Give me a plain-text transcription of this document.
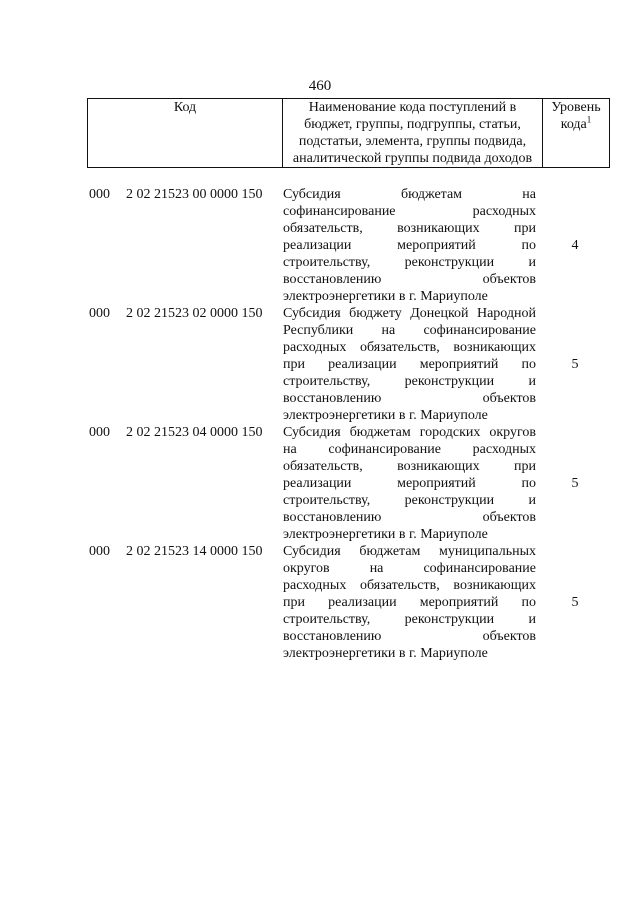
460
Код	Наименование кода поступлений в
бюджет, группы, подгруппы, статьи,
подстатьи, элемента, группы подвида,
аналитической группы подвида доходов	Уровень
кода$^1$
000 2 02 21523 00 0000 150 Субсидия бюджетам на
софинансирование расходных
обязательств, возникающих при
реализации мероприятий по
строительству, реконструкции и
восстановлению объектов
электроэнергетики в г. Мариуполе
4
000 2 02 21523 02 0000 150 Субсидия бюджету Донецкой Народной
Республики на софинансирование
расходных обязательств, возникающих
при реализации мероприятий по
строительству, реконструкции и
восстановлению объектов
электроэнергетики в г. Мариуполе
5
000 2 02 21523 04 0000 150 Субсидия бюджетам городских округов
на софинансирование расходных
обязательств, возникающих при
реализации мероприятий по
строительству, реконструкции и
восстановлению объектов
электроэнергетики в г. Мариуполе
5
000 2 02 21523 14 0000 150 Субсидия бюджетам муниципальных
округов на софинансирование
расходных обязательств, возникающих
при реализации мероприятий по
строительству, реконструкции и
восстановлению объектов
электроэнергетики в г. Мариуполе
5
